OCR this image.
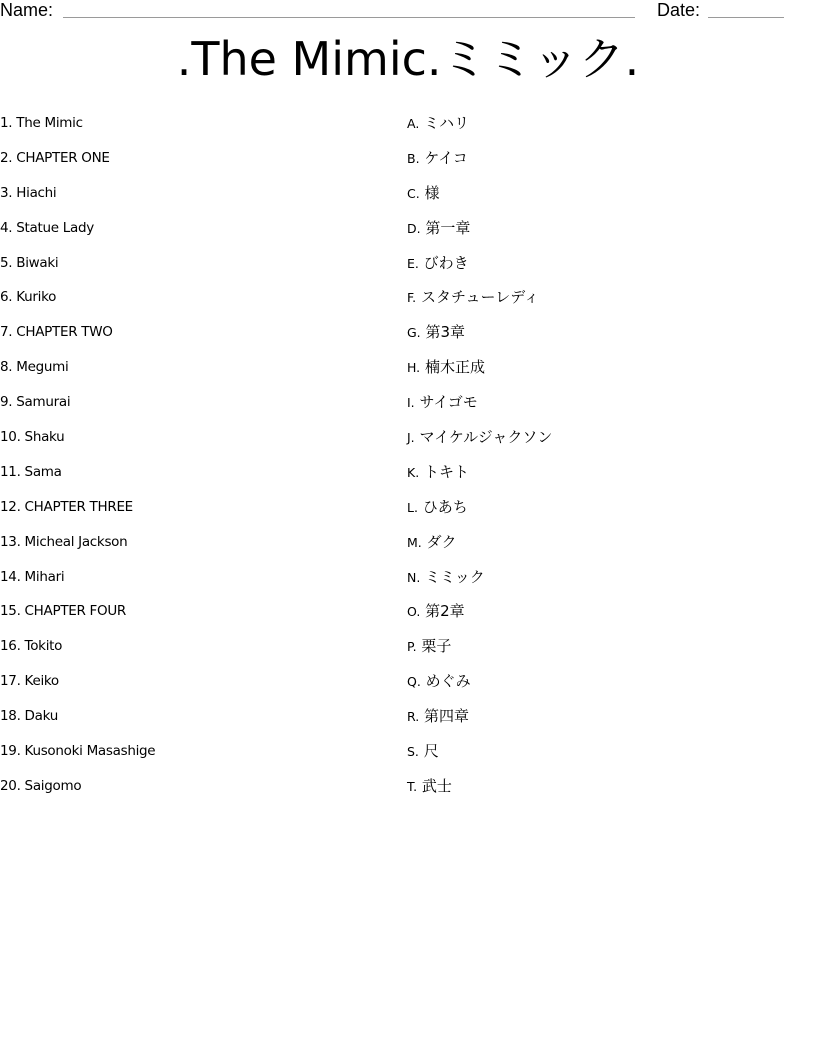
Name:	Date:
.The Mimic.ミミック.
1. The Mimic
2. CHAPTER ONE
3. Hiachi
4. Statue Lady
5. Biwaki
6. Kuriko
7. CHAPTER TWO
8. Megumi
9. Samurai
10. Shaku
11. Sama
12. CHAPTER THREE
13. Micheal Jackson
14. Mihari
15. CHAPTER FOUR
16. Tokito
17. Keiko
18. Daku
19. Kusonoki Masashige
20. Saigomo
A. ミハリ
B. ケイコ
C. 様
D. 第一章
E. びわき
F. スタチューレディ
G. 第3章
H. 楠木正成
I. サイゴモ
J. マイケルジャクソン
K. トキト
L. ひあち
M. ダク
N. ミミック
O. 第2章
P. 栗子
Q. めぐみ
R. 第四章
S. 尺
T. 武士
